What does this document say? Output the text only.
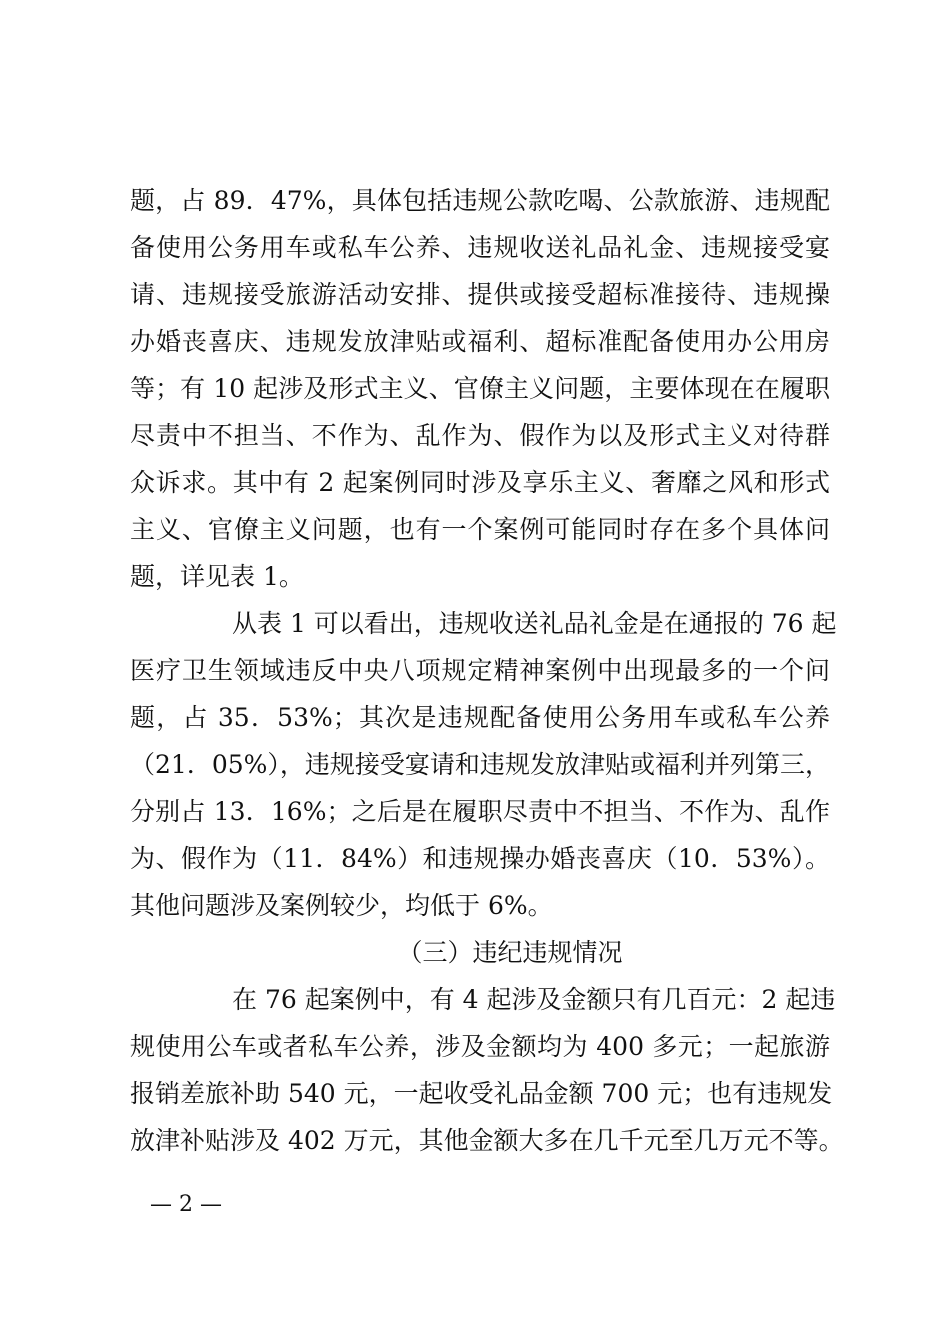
题，占 89．47%，具体包括违规公款吃喝、公款旅游、违规配
备使用公务用车或私车公养、违规收送礼品礼金、违规接受宴
请、违规接受旅游活动安排、提供或接受超标准接待、违规操
办婚丧喜庆、违规发放津贴或福利、超标准配备使用办公用房
等；有 10 起涉及形式主义、官僚主义问题，主要体现在在履职
尽责中不担当、不作为、乱作为、假作为以及形式主义对待群
众诉求。其中有 2 起案例同时涉及享乐主义、奢靡之风和形式
主义、官僚主义问题，也有一个案例可能同时存在多个具体问
题，详见表 1。
从表 1 可以看出，违规收送礼品礼金是在通报的 76 起
医疗卫生领域违反中央八项规定精神案例中出现最多的一个问
题，占 35．53%；其次是违规配备使用公务用车或私车公养
（21．05%），违规接受宴请和违规发放津贴或福利并列第三，
分别占 13．16%；之后是在履职尽责中不担当、不作为、乱作
为、假作为（11．84%）和违规操办婚丧喜庆（10．53%）。
其他问题涉及案例较少，均低于 6%。
（三）违纪违规情况
在 76 起案例中，有 4 起涉及金额只有几百元：2 起违
规使用公车或者私车公养，涉及金额均为 400 多元；一起旅游
报销差旅补助 540 元，一起收受礼品金额 700 元；也有违规发
放津补贴涉及 402 万元，其他金额大多在几千元至几万元不等。
— 2 —
